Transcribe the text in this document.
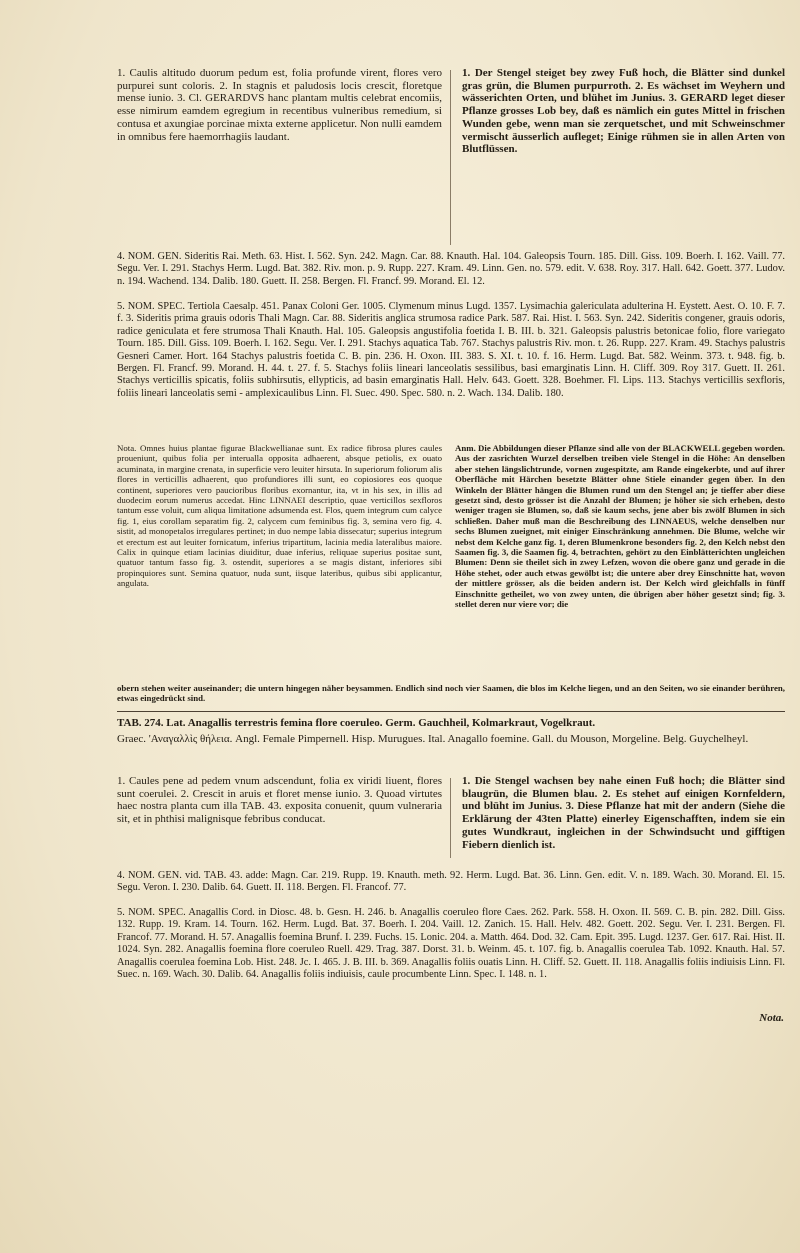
1. Caulis altitudo duorum pedum est, folia profunde virent, flores vero purpurei sunt coloris. 2. In stagnis et paludosis locis crescit, floretque mense iunio. 3. Cl. GERARDVS hanc plantam multis celebrat encomiis, esse nimirum eamdem egregium in recentibus vulneribus remedium, si contusa et axungiae porcinae mixta externe applicetur. Non nulli eamdem in omnibus fere haemorrhagiis laudant.

1. Der Stengel steiget bey zwey Fuß hoch, die Blätter sind dunkel gras grün, die Blumen purpurroth. 2. Es wächset im Weyhern und wässerichten Orten, und blühet im Junius. 3. GERARD leget dieser Pflanze grosses Lob bey, daß es nämlich ein gutes Mittel in frischen Wunden gebe, wenn man sie zerquetschet, und mit Schweinschmer vermischt äusserlich aufleget; Einige rühmen sie in allen Arten von Blutflüssen.

4. NOM. GEN. Sideritis Rai. Meth. 63. Hist. I. 562. Syn. 242. Magn. Car. 88. Knauth. Hal. 104. Galeopsis Tourn. 185. Dill. Giss. 109. Boerh. I. 162. Vaill. 77. Segu. Ver. I. 291. Stachys Herm. Lugd. Bat. 382. Riv. mon. p. 9. Rupp. 227. Kram. 49. Linn. Gen. no. 579. edit. V. 638. Roy. 317. Hall. 642. Goett. 377. Ludov. n. 194. Wachend. 134. Dalib. 180. Guett. II. 258. Bergen. Fl. Francf. 99. Morand. El. 12.

5. NOM. SPEC. Tertiola Caesalp. 451. Panax Coloni Ger. 1005. Clymenum minus Lugd. 1357. Lysimachia galericulata adulterina H. Eystett. Aest. O. 10. F. 7. f. 3. Sideritis prima grauis odoris Thali Magn. Car. 88. Sideritis anglica strumosa radice Park. 587. Rai. Hist. I. 563. Syn. 242. Sideritis congener, grauis odoris, radice geniculata et fere strumosa Thali Knauth. Hal. 105. Galeopsis angustifolia foetida I. B. III. b. 321. Galeopsis palustris betonicae folio, flore variegato Tourn. 185. Dill. Giss. 109. Boerh. I. 162. Segu. Ver. I. 291. Stachys aquatica Tab. 767. Stachys palustris Riv. mon. t. 26. Rupp. 227. Kram. 49. Stachys palustris Gesneri Camer. Hort. 164 Stachys palustris foetida C. B. pin. 236. H. Oxon. III. 383. S. XI. t. 10. f. 16. Herm. Lugd. Bat. 582. Weinm. 373. t. 948. fig. b. Bergen. Fl. Francf. 99. Morand. H. 44. t. 27. f. 5. Stachys foliis lineari lanceolatis sessilibus, basi emarginatis Linn. H. Cliff. 309. Roy 317. Guett. II. 261. Stachys verticillis spicatis, foliis subhirsutis, ellypticis, ad basin emarginatis Hall. Helv. 643. Goett. 328. Boehmer. Fl. Lips. 113. Stachys verticillis sexfloris, foliis lineari lanceolatis semi - amplexicaulibus Linn. Fl. Suec. 490. Spec. 580. n. 2. Wach. 134. Dalib. 180.

Nota. Omnes huius plantae figurae Blackwellianae sunt. Ex radice fibrosa plures caules proueniunt, quibus folia per interualla opposita adhaerent, absque petiolis, ex ouato acuminata, in margine crenata, in superficie vero leuiter hirsuta. In superiorum foliorum alis flores in verticillis adhaerent, quo profundiores illi sunt, eo copiosiores eos quoque continent, superiores vero paucioribus floribus exornantur, ita, vt in his sex, in illis ad duodecim eorum numerus accedat. Hinc LINNAEI descriptio, quae verticillos sexfloros tantum esse voluit, cum aliqua limitatione adsumenda est. Flos, quem integrum cum calyce fig. 1, eius corollam separatim fig. 2, calycem cum feminibus fig. 3, semina vero fig. 4. sistit, ad monopetalos irregulares pertinet; in duo nempe labia dissecatur; superius integrum et erectum est aut leuiter fornicatum, inferius tripartitum, lacinia media lateralibus maiore. Calix in quinque etiam lacinias diuiditur, duae inferius, reliquae superius positae sunt, quatuor tantum fasso fig. 3. ostendit, superiores a se magis distant, inferiores sibi propinquiores sunt. Semina quatuor, nuda sunt, iisque lateribus, quibus sibi applicantur, angulata.

Anm. Die Abbildungen dieser Pflanze sind alle von der BLACKWELL gegeben worden. Aus der zasrichten Wurzel derselben treiben viele Stengel in die Höhe: An denselben aber stehen längslichtrunde, vornen zugespitzte, am Rande eingekerbte, und auf ihrer Oberfläche mit Härchen besetzte Blätter ohne Stiele einander gegen über. In den Winkeln der Blätter hängen die Blumen rund um den Stengel an; je tieffer aber diese gesetzt sind, desto grösser ist die Anzahl der Blumen; je höher sie sich erheben, desto weniger tragen sie Blumen, so, daß sie kaum sechs, jene aber bis zwölf Blumen in sich schließen. Daher muß man die Beschreibung des LINNAEUS, welche denselben nur sechs Blumen zueignet, mit einiger Einschränkung annehmen. Die Blume, welche wir nebst dem Kelche ganz fig. 1, deren Blumenkrone besonders fig. 2, den Kelch nebst den Saamen fig. 3, die Saamen fig. 4, betrachten, gehört zu den Einblätterichten ungleichen Blumen: Denn sie theilet sich in zwey Lefzen, wovon die obere ganz und gerade in die Höhe stehet, oder auch etwas gewölbt ist; die untere aber drey Einschnitte hat, wovon der mittlere grösser, als die beiden andern ist. Der Kelch wird gleichfalls in fünff Einschnitte getheilet, wo von zwey unten, die übrigen aber höher gesetzt sind; fig. 3. stellet deren nur viere vor; die

obern stehen weiter auseinander; die untern hingegen näher beysammen. Endlich sind noch vier Saamen, die blos im Kelche liegen, und an den Seiten, wo sie einander berühren, etwas eingedrückt sind.

TAB. 274. Lat. Anagallis terrestris femina flore coeruleo. Germ. Gauchheil, Kolmarkraut, Vogelkraut.

Graec. 'Αναγαλλὶς θήλεια. Angl. Female Pimpernell. Hisp. Murugues. Ital. Anagallo foemine. Gall. du Mouson, Morgeline. Belg. Guychelheyl.

1. Caules pene ad pedem vnum adscendunt, folia ex viridi liuent, flores sunt coerulei. 2. Crescit in aruis et floret mense iunio. 3. Quoad virtutes haec nostra planta cum illa TAB. 43. exposita conuenit, quum vulneraria sit, et in phthisi malignisque febribus conducat.

1. Die Stengel wachsen bey nahe einen Fuß hoch; die Blätter sind blaugrün, die Blumen blau. 2. Es stehet auf einigen Kornfeldern, und blüht im Junius. 3. Diese Pflanze hat mit der andern (Siehe die Erklärung der 43ten Platte) einerley Eigenschafften, indem sie ein gutes Wundkraut, ingleichen in der Schwindsucht und gifftigen Fiebern dienlich ist.

4. NOM. GEN. vid. TAB. 43. adde: Magn. Car. 219. Rupp. 19. Knauth. meth. 92. Herm. Lugd. Bat. 36. Linn. Gen. edit. V. n. 189. Wach. 30. Morand. El. 15. Segu. Veron. I. 230. Dalib. 64. Guett. II. 118. Bergen. Fl. Francof. 77.

5. NOM. SPEC. Anagallis Cord. in Diosc. 48. b. Gesn. H. 246. b. Anagallis coeruleo flore Caes. 262. Park. 558. H. Oxon. II. 569. C. B. pin. 282. Dill. Giss. 132. Rupp. 19. Kram. 14. Tourn. 162. Herm. Lugd. Bat. 37. Boerh. I. 204. Vaill. 12. Zanich. 15. Hall. Helv. 482. Goett. 202. Segu. Ver. I. 231. Bergen. Fl. Francof. 77. Morand. H. 57. Anagallis foemina Brunf. I. 239. Fuchs. 15. Lonic. 204. a. Matth. 464. Dod. 32. Cam. Epit. 395. Lugd. 1237. Ger. 617. Rai. Hist. II. 1024. Syn. 282. Anagallis foemina flore coeruleo Ruell. 429. Trag. 387. Dorst. 31. b. Weinm. 45. t. 107. fig. b. Anagallis coerulea Tab. 1092. Knauth. Hal. 57. Anagallis coerulea foemina Lob. Hist. 248. Jc. I. 465. J. B. III. b. 369. Anagallis foliis ouatis Linn. H. Cliff. 52. Guett. II. 118. Anagallis foliis indiuisis Linn. Fl. Suec. n. 169. Wach. 30. Dalib. 64. Anagallis foliis indiuisis, caule procumbente Linn. Spec. I. 148. n. 1.

Nota.
